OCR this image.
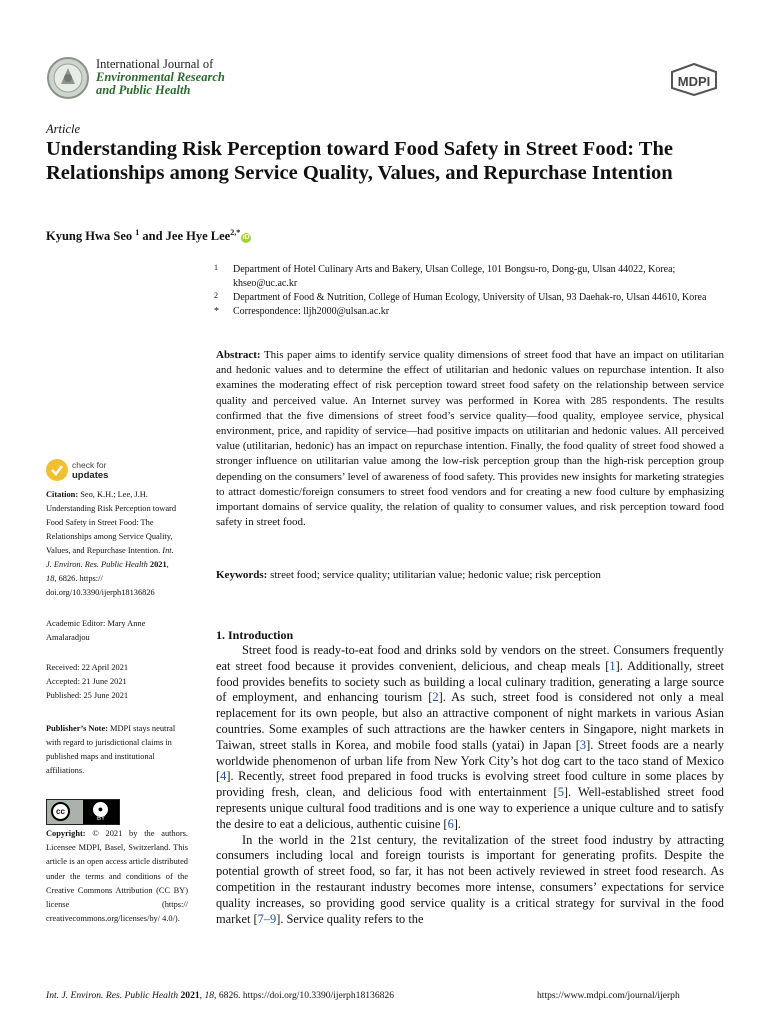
International Journal of
Environmental Research
and Public Health
MDPI
Article
Understanding Risk Perception toward Food Safety in Street Food: The Relationships among Service Quality, Values, and Repurchase Intention
Kyung Hwa Seo $^1$ and Jee Hye Lee$^{2,*}$iD
1 Department of Hotel Culinary Arts and Bakery, Ulsan College, 101 Bongsu-ro, Dong-gu, Ulsan 44022, Korea; khseo@uc.ac.kr
2 Department of Food & Nutrition, College of Human Ecology, University of Ulsan, 93 Daehak-ro, Ulsan 44610, Korea
* Correspondence: lljh2000@ulsan.ac.kr
Abstract: This paper aims to identify service quality dimensions of street food that have an impact on utilitarian and hedonic values and to determine the effect of utilitarian and hedonic values on repurchase intention. It also examines the moderating effect of risk perception toward street food safety on the relationship between service quality and perceived value. An Internet survey was performed in Korea with 285 respondents. The results confirmed that the five dimensions of street food’s service quality—food quality, employee service, physical environment, price, and rapidity of service—had positive impacts on utilitarian and hedonic values. All perceived value (utilitarian, hedonic) has an impact on repurchase intention. Finally, the food quality of street food showed a stronger influence on utilitarian value among the low-risk perception group than the high-risk perception group depending on the consumers’ level of awareness of food safety. This provides new insights for marketing strategies to attract domestic/foreign consumers to street food vendors and for creating a new food culture by emphasizing important domains of service quality, the relation of quality to consumer values, and risk perception toward food safety in street food.
Keywords: street food; service quality; utilitarian value; hedonic value; risk perception
check for
updates
Citation: Seo, K.H.; Lee, J.H. Understanding Risk Perception toward Food Safety in Street Food: The Relationships among Service Quality, Values, and Repurchase Intention. Int. J. Environ. Res. Public Health 2021, 18, 6826. https:// doi.org/10.3390/ijerph18136826
Academic Editor: Mary Anne Amalaradjou
Received: 22 April 2021
Accepted: 21 June 2021
Published: 25 June 2021
Publisher’s Note: MDPI stays neutral with regard to jurisdictional claims in published maps and institutional affiliations.
cc	●
BY
Copyright: © 2021 by the authors. Licensee MDPI, Basel, Switzerland. This article is an open access article distributed under the terms and conditions of the Creative Commons Attribution (CC BY) license (https:// creativecommons.org/licenses/by/ 4.0/).
1. Introduction

Street food is ready-to-eat food and drinks sold by vendors on the street. Consumers frequently eat street food because it provides convenient, delicious, and cheap meals [1]. Additionally, street food provides benefits to society such as building a local culinary tradition, generating a large source of employment, and enhancing tourism [2]. As such, street food is considered not only a meal replacement for its own people, but also an attractive component of night markets in various Asian countries. Some examples of such attractions are the hawker centers in Singapore, night markets in Taiwan, street stalls in Korea, and mobile food stalls (yatai) in Japan [3]. Street foods are a nearly worldwide phenomenon of urban life from New York City’s hot dog cart to the taco stand of Mexico [4]. Recently, street food prepared in food trucks is evolving street food culture in some places by providing fresh, clean, and delicious food with entertainment [5]. Well-established street food represents unique cultural food traditions and is one way to experience a unique culture and to satisfy the desire to eat a delicious, authentic cuisine [6].

In the world in the 21st century, the revitalization of the street food industry by attracting consumers including local and foreign tourists is important for generating profits. Despite the potential growth of street food, so far, it has not been actively reviewed in street food research. As competition in the restaurant industry becomes more intense, consumers’ expectations for service quality increases, so providing good service quality is a critical strategy for survival in the food market [7–9]. Service quality refers to the

Int. J. Environ. Res. Public Health 2021, 18, 6826. https://doi.org/10.3390/ijerph18136826	https://www.mdpi.com/journal/ijerph
